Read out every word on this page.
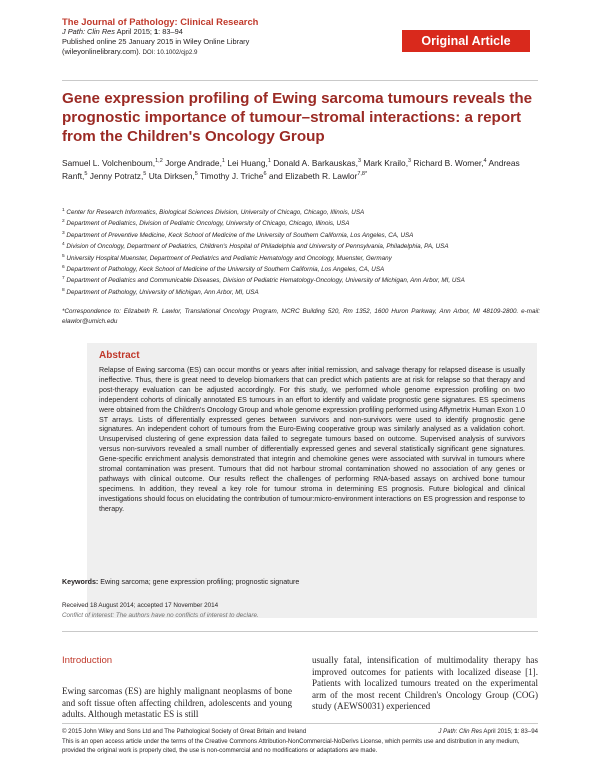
The Journal of Pathology: Clinical Research
J Path: Clin Res April 2015; 1: 83–94
Published online 25 January 2015 in Wiley Online Library
(wileyonlinelibrary.com). DOI: 10.1002/cjp2.9
Original Article
Gene expression profiling of Ewing sarcoma tumours reveals the prognostic importance of tumour–stromal interactions: a report from the Children's Oncology Group
Samuel L. Volchenboum,$^{1,2}$ Jorge Andrade,$^1$ Lei Huang,$^1$ Donald A. Barkauskas,$^3$ Mark Krailo,$^3$ Richard B. Womer,$^4$ Andreas Ranft,$^5$ Jenny Potratz,$^5$ Uta Dirksen,$^5$ Timothy J. Triche$^6$ and Elizabeth R. Lawlor$^{7,8*}$
$^1$ Center for Research Informatics, Biological Sciences Division, University of Chicago, Chicago, Illinois, USA
$^2$ Department of Pediatrics, Division of Pediatric Oncology, University of Chicago, Chicago, Illinois, USA
$^3$ Department of Preventive Medicine, Keck School of Medicine of the University of Southern California, Los Angeles, CA, USA
$^4$ Division of Oncology, Department of Pediatrics, Children's Hospital of Philadelphia and University of Pennsylvania, Philadelphia, PA, USA
$^5$ University Hospital Muenster, Department of Pediatrics and Pediatric Hematology and Oncology, Muenster, Germany
$^6$ Department of Pathology, Keck School of Medicine of the University of Southern California, Los Angeles, CA, USA
$^7$ Department of Pediatrics and Communicable Diseases, Division of Pediatric Hematology-Oncology, University of Michigan, Ann Arbor, MI, USA
$^8$ Department of Pathology, University of Michigan, Ann Arbor, MI, USA
*Correspondence to: Elizabeth R. Lawlor, Translational Oncology Program, NCRC Building 520, Rm 1352, 1600 Huron Parkway, Ann Arbor, MI 48109-2800. e-mail: elawlor@umich.edu
Abstract
Relapse of Ewing sarcoma (ES) can occur months or years after initial remission, and salvage therapy for relapsed disease is usually ineffective. Thus, there is great need to develop biomarkers that can predict which patients are at risk for relapse so that therapy and post-therapy evaluation can be adjusted accordingly. For this study, we performed whole genome expression profiling on two independent cohorts of clinically annotated ES tumours in an effort to identify and validate prognostic gene signatures. ES specimens were obtained from the Children's Oncology Group and whole genome expression profiling performed using Affymetrix Human Exon 1.0 ST arrays. Lists of differentially expressed genes between survivors and non-survivors were used to identify prognostic gene signatures. An independent cohort of tumours from the Euro-Ewing cooperative group was similarly analysed as a validation cohort. Unsupervised clustering of gene expression data failed to segregate tumours based on outcome. Supervised analysis of survivors versus non-survivors revealed a small number of differentially expressed genes and several statistically significant gene signatures. Gene-specific enrichment analysis demonstrated that integrin and chemokine genes were associated with survival in tumours where stromal contamination was present. Tumours that did not harbour stromal contamination showed no association of any genes or pathways with clinical outcome. Our results reflect the challenges of performing RNA-based assays on archived bone tumour specimens. In addition, they reveal a key role for tumour stroma in determining ES prognosis. Future biological and clinical investigations should focus on elucidating the contribution of tumour:micro-environment interactions on ES progression and response to therapy.
Keywords: Ewing sarcoma; gene expression profiling; prognostic signature
Received 18 August 2014; accepted 17 November 2014
Conflict of interest: The authors have no conflicts of interest to declare.
Introduction
Ewing sarcomas (ES) are highly malignant neoplasms of bone and soft tissue often affecting children, adolescents and young adults. Although metastatic ES is still
usually fatal, intensification of multimodality therapy has improved outcomes for patients with localized disease [1]. Patients with localized tumours treated on the experimental arm of the most recent Children's Oncology Group (COG) study (AEWS0031) experienced
© 2015 John Wiley and Sons Ltd and The Pathological Society of Great Britain and Ireland	J Path: Clin Res April 2015; 1: 83–94
This is an open access article under the terms of the Creative Commons Attribution-NonCommercial-NoDerivs License, which permits use and distribution in any medium, provided the original work is properly cited, the use is non-commercial and no modifications or adaptations are made.
